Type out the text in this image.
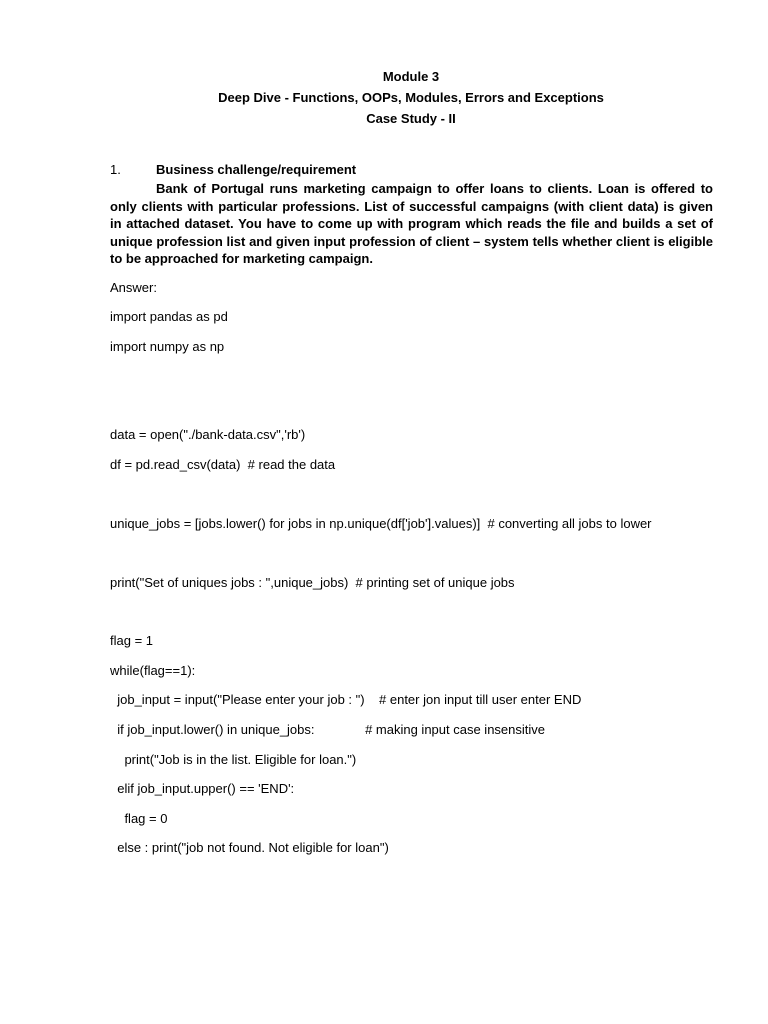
Module 3
Deep Dive - Functions, OOPs, Modules, Errors and Exceptions
Case Study - II
1.	Business challenge/requirement

Bank of Portugal runs marketing campaign to offer loans to clients. Loan is offered to only clients with particular professions. List of successful campaigns (with client data) is given in attached dataset. You have to come up with program which reads the file and builds a set of unique profession list and given input profession of client – system tells whether client is eligible to be approached for marketing campaign.

Answer:
import pandas as pd
import numpy as np
data = open("./bank-data.csv",'rb')
df = pd.read_csv(data)  # read the data
unique_jobs = [jobs.lower() for jobs in np.unique(df['job'].values)]  # converting all jobs to lower
print("Set of uniques jobs : ",unique_jobs)  # printing set of unique jobs
flag = 1
while(flag==1):
job_input = input("Please enter your job : ")    # enter jon input till user enter END
if job_input.lower() in unique_jobs:              # making input case insensitive
print("Job is in the list. Eligible for loan.")
elif job_input.upper() == 'END':
flag = 0
else : print("job not found. Not eligible for loan")
